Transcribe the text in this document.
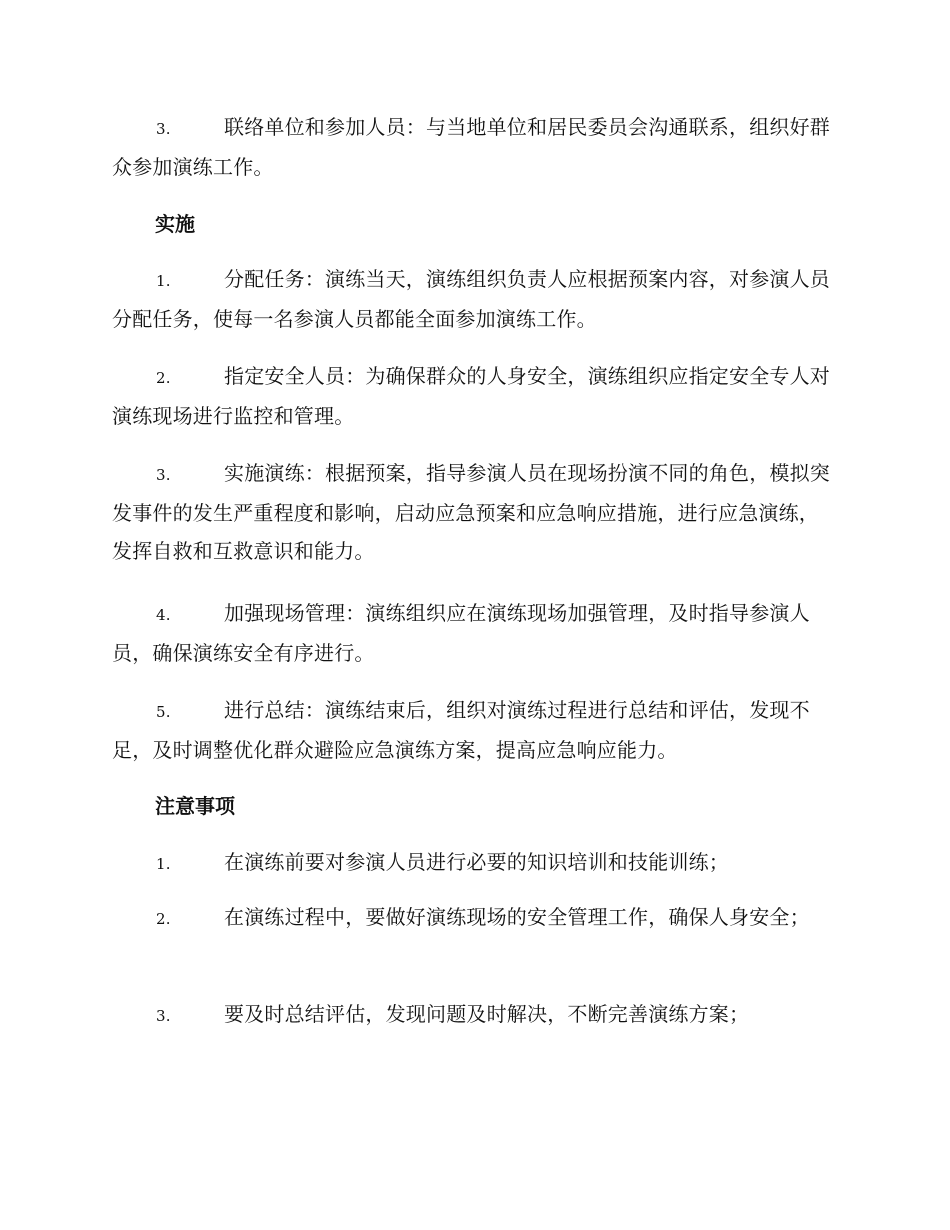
3.	联络单位和参加人员：与当地单位和居民委员会沟通联系，组织好群众参加演练工作。
实施
1.	分配任务：演练当天，演练组织负责人应根据预案内容，对参演人员分配任务，使每一名参演人员都能全面参加演练工作。
2.	指定安全人员：为确保群众的人身安全，演练组织应指定安全专人对演练现场进行监控和管理。
3.	实施演练：根据预案，指导参演人员在现场扮演不同的角色，模拟突发事件的发生严重程度和影响，启动应急预案和应急响应措施，进行应急演练，发挥自救和互救意识和能力。
4.	加强现场管理：演练组织应在演练现场加强管理，及时指导参演人员，确保演练安全有序进行。
5.	进行总结：演练结束后，组织对演练过程进行总结和评估，发现不足，及时调整优化群众避险应急演练方案，提高应急响应能力。
注意事项
1.	在演练前要对参演人员进行必要的知识培训和技能训练；
2.	在演练过程中，要做好演练现场的安全管理工作，确保人身安全；
3.	要及时总结评估，发现问题及时解决，不断完善演练方案；
